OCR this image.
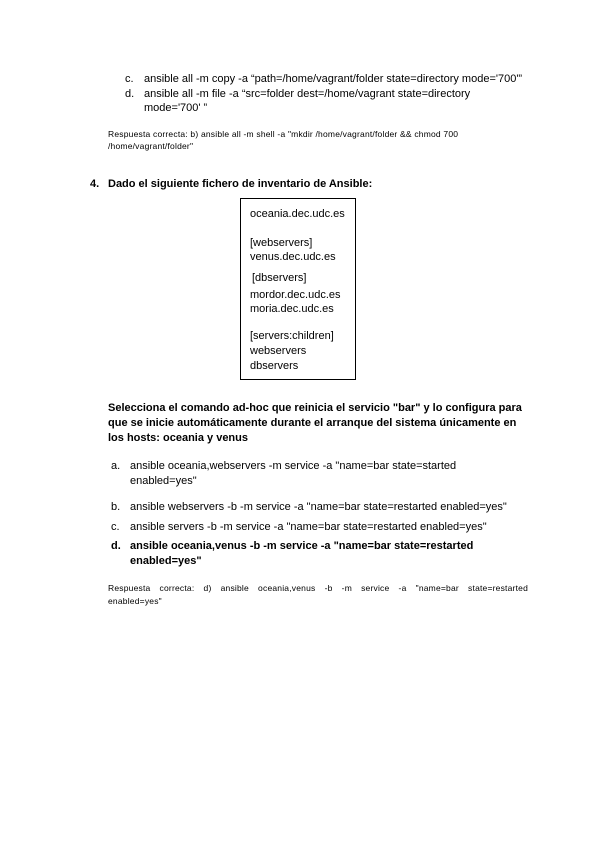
c. ansible all -m copy -a “path=/home/vagrant/folder state=directory mode='700'”
d. ansible all -m file -a “src=folder dest=/home/vagrant state=directory
mode='700' ”
Respuesta correcta: b) ansible all -m shell -a "mkdir /home/vagrant/folder && chmod 700
/home/vagrant/folder"
4. Dado el siguiente fichero de inventario de Ansible:
oceania.dec.udc.es
[webservers]
venus.dec.udc.es
[dbservers]
mordor.dec.udc.es
moria.dec.udc.es
[servers:children]
webservers
dbservers
Selecciona el comando ad-hoc que reinicia el servicio "bar" y lo configura para
que se inicie automáticamente durante el arranque del sistema únicamente en
los hosts: oceania y venus
a. ansible oceania,webservers -m service -a "name=bar state=started
enabled=yes"
b. ansible webservers -b -m service -a "name=bar state=restarted enabled=yes"
c. ansible servers -b -m service -a "name=bar state=restarted enabled=yes"
d. ansible oceania,venus -b -m service -a "name=bar state=restarted
enabled=yes"
Respuesta correcta: d) ansible oceania,venus -b -m service -a "name=bar state=restarted
enabled=yes"
